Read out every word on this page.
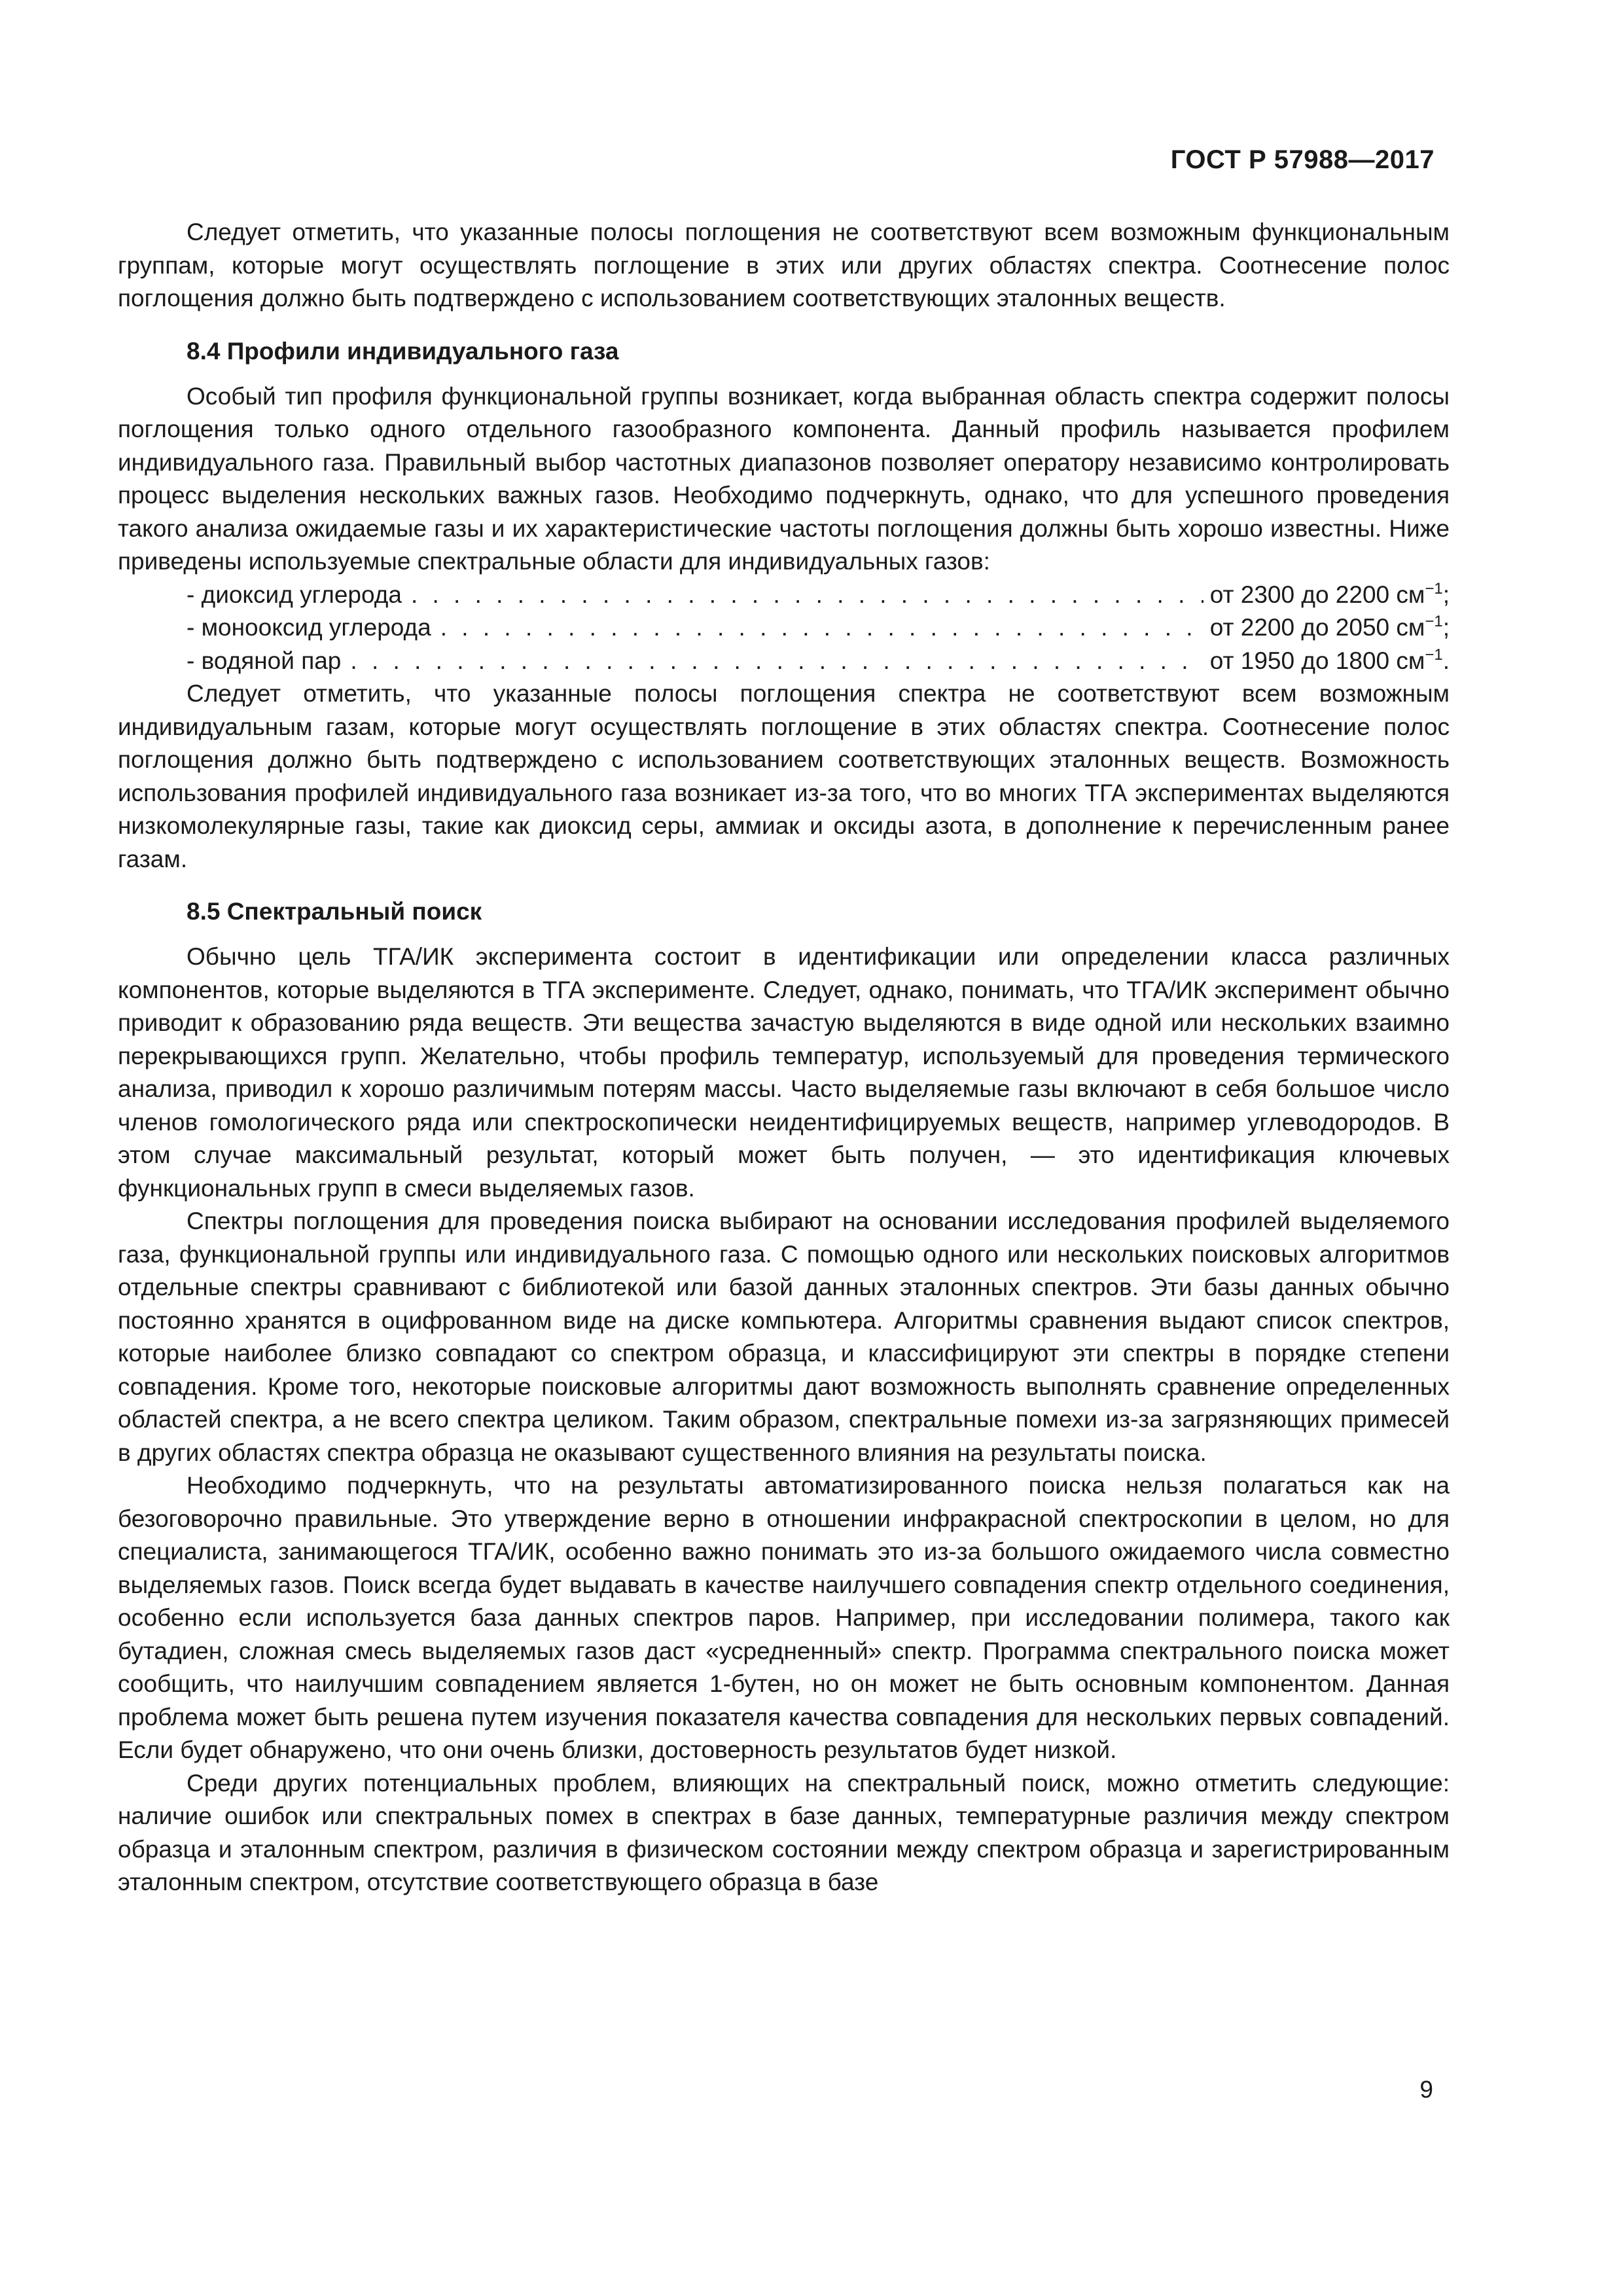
ГОСТ Р 57988—2017

Следует отметить, что указанные полосы поглощения не соответствуют всем возможным функциональным группам, которые могут осуществлять поглощение в этих или других областях спектра. Соотнесение полос поглощения должно быть подтверждено с использованием соответствующих эталонных веществ.

8.4 Профили индивидуального газа

Особый тип профиля функциональной группы возникает, когда выбранная область спектра содержит полосы поглощения только одного отдельного газообразного компонента. Данный профиль называется профилем индивидуального газа. Правильный выбор частотных диапазонов позволяет оператору независимо контролировать процесс выделения нескольких важных газов. Необходимо подчеркнуть, однако, что для успешного проведения такого анализа ожидаемые газы и их характеристические частоты поглощения должны быть хорошо известны. Ниже приведены используемые спектральные области для индивидуальных газов:

- диоксид углерода . . .	от 2300 до 2200 $см^{-1}$;
- монооксид углерода . . .	от 2200 до 2050 $см^{-1}$;
- водяной пар . . .	от 1950 до 1800 $см^{-1}$.

Следует отметить, что указанные полосы поглощения спектра не соответствуют всем возможным индивидуальным газам, которые могут осуществлять поглощение в этих областях спектра. Соотнесение полос поглощения должно быть подтверждено с использованием соответствующих эталонных веществ. Возможность использования профилей индивидуального газа возникает из-за того, что во многих ТГА экспериментах выделяются низкомолекулярные газы, такие как диоксид серы, аммиак и оксиды азота, в дополнение к перечисленным ранее газам.

8.5 Спектральный поиск

Обычно цель ТГА/ИК эксперимента состоит в идентификации или определении класса различных компонентов, которые выделяются в ТГА эксперименте. Следует, однако, понимать, что ТГА/ИК эксперимент обычно приводит к образованию ряда веществ. Эти вещества зачастую выделяются в виде одной или нескольких взаимно перекрывающихся групп. Желательно, чтобы профиль температур, используемый для проведения термического анализа, приводил к хорошо различимым потерям массы. Часто выделяемые газы включают в себя большое число членов гомологического ряда или спектроскопически неидентифицируемых веществ, например углеводородов. В этом случае максимальный результат, который может быть получен, — это идентификация ключевых функциональных групп в смеси выделяемых газов.

Спектры поглощения для проведения поиска выбирают на основании исследования профилей выделяемого газа, функциональной группы или индивидуального газа. С помощью одного или нескольких поисковых алгоритмов отдельные спектры сравнивают с библиотекой или базой данных эталонных спектров. Эти базы данных обычно постоянно хранятся в оцифрованном виде на диске компьютера. Алгоритмы сравнения выдают список спектров, которые наиболее близко совпадают со спектром образца, и классифицируют эти спектры в порядке степени совпадения. Кроме того, некоторые поисковые алгоритмы дают возможность выполнять сравнение определенных областей спектра, а не всего спектра целиком. Таким образом, спектральные помехи из-за загрязняющих примесей в других областях спектра образца не оказывают существенного влияния на результаты поиска.

Необходимо подчеркнуть, что на результаты автоматизированного поиска нельзя полагаться как на безоговорочно правильные. Это утверждение верно в отношении инфракрасной спектроскопии в целом, но для специалиста, занимающегося ТГА/ИК, особенно важно понимать это из-за большого ожидаемого числа совместно выделяемых газов. Поиск всегда будет выдавать в качестве наилучшего совпадения спектр отдельного соединения, особенно если используется база данных спектров паров. Например, при исследовании полимера, такого как бутадиен, сложная смесь выделяемых газов даст «усредненный» спектр. Программа спектрального поиска может сообщить, что наилучшим совпадением является 1-бутен, но он может не быть основным компонентом. Данная проблема может быть решена путем изучения показателя качества совпадения для нескольких первых совпадений. Если будет обнаружено, что они очень близки, достоверность результатов будет низкой.

Среди других потенциальных проблем, влияющих на спектральный поиск, можно отметить следующие: наличие ошибок или спектральных помех в спектрах в базе данных, температурные различия между спектром образца и эталонным спектром, различия в физическом состоянии между спектром образца и зарегистрированным эталонным спектром, отсутствие соответствующего образца в базе

9
